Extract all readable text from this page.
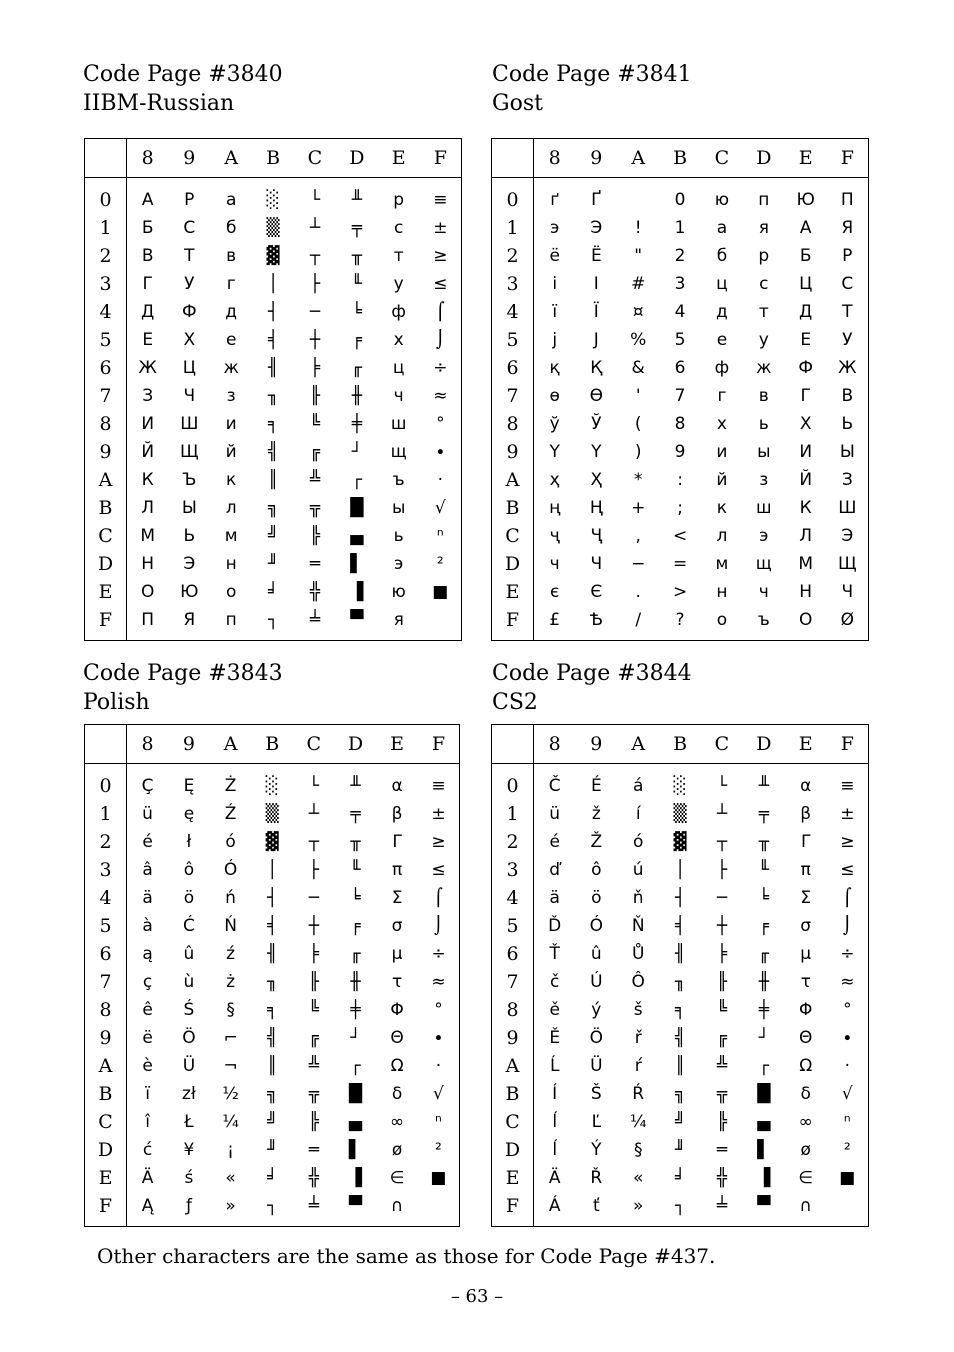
Code Page #3840
IIBM-Russian
Code Page #3841
Gost
Code Page #3843
Polish
Code Page #3844
CS2
	8	9	A	B	C	D	E	F
0	А	Р	а	░	└	╨	р	≡
1	Б	С	б	▒	┴	╤	с	±
2	В	Т	в	▓	┬	╥	т	≥
3	Г	У	г	│	├	╙	у	≤
4	Д	Ф	д	┤	─	╘	ф	⌠
5	Е	Х	е	╡	┼	╒	х	⌡
6	Ж	Ц	ж	╢	╞	╓	ц	÷
7	З	Ч	з	╖	╟	╫	ч	≈
8	И	Ш	и	╕	╚	╪	ш	°
9	Й	Щ	й	╣	╔	┘	щ	∙
A	К	Ъ	к	║	╩	┌	ъ	·
B	Л	Ы	л	╗	╦	█	ы	√
C	М	Ь	м	╝	╠	▄	ь	ⁿ
D	Н	Э	н	╜	═	▌	э	²
E	О	Ю	о	╛	╬	▐	ю	■
F	П	Я	п	┐	╧	▀	я	
	8	9	A	B	C	D	E	F
0	ґ	Ґ		0	ю	п	Ю	П
1	э	Э	!	1	а	я	А	Я
2	ё	Ё	"	2	б	р	Б	Р
3	і	І	#	3	ц	с	Ц	С
4	ї	Ї	¤	4	д	т	Д	Т
5	j	J	%	5	е	у	Е	У
6	қ	Қ	&	6	ф	ж	Ф	Ж
7	ө	Ө	'	7	г	в	Г	В
8	ў	Ў	(	8	х	ь	Х	Ь
9	Ү	Ү	)	9	и	ы	И	Ы
A	ҳ	Ҳ	*	:	й	з	Й	З
B	ң	Ң	+	;	к	ш	К	Ш
C	ҷ	Ҷ	,	<	л	э	Л	Э
D	ч	Ч	−	=	м	щ	М	Щ
E	є	Є	.	>	н	ч	Н	Ч
F	£	Ѣ	/	?	о	ъ	О	Ø
	8	9	A	B	C	D	E	F
0	Ç	Ę	Ż	░	└	╨	α	≡
1	ü	ę	Ź	▒	┴	╤	β	±
2	é	ł	ó	▓	┬	╥	Γ	≥
3	â	ô	Ó	│	├	╙	π	≤
4	ä	ö	ń	┤	─	╘	Σ	⌠
5	à	Ć	Ń	╡	┼	╒	σ	⌡
6	ą	û	ź	╢	╞	╓	µ	÷
7	ç	ù	ż	╖	╟	╫	τ	≈
8	ê	Ś	§	╕	╚	╪	Φ	°
9	ë	Ö	⌐	╣	╔	┘	Θ	∙
A	è	Ü	¬	║	╩	┌	Ω	·
B	ï	zł	½	╗	╦	█	δ	√
C	î	Ł	¼	╝	╠	▄	∞	ⁿ
D	ć	¥	¡	╜	═	▌	ø	²
E	Ä	ś	«	╛	╬	▐	∈	■
F	Ą	ƒ	»	┐	╧	▀	∩	
	8	9	A	B	C	D	E	F
0	Č	É	á	░	└	╨	α	≡
1	ü	ž	í	▒	┴	╤	β	±
2	é	Ž	ó	▓	┬	╥	Γ	≥
3	ď	ô	ú	│	├	╙	π	≤
4	ä	ö	ň	┤	─	╘	Σ	⌠
5	Ď	Ó	Ň	╡	┼	╒	σ	⌡
6	Ť	û	Ů	╢	╞	╓	µ	÷
7	č	Ú	Ô	╖	╟	╫	τ	≈
8	ě	ý	š	╕	╚	╪	Φ	°
9	Ě	Ö	ř	╣	╔	┘	Θ	∙
A	Ĺ	Ü	ŕ	║	╩	┌	Ω	·
B	Í	Š	Ŕ	╗	╦	█	δ	√
C	ĺ	Ľ	¼	╝	╠	▄	∞	ⁿ
D	ĺ	Ý	§	╜	═	▌	ø	²
E	Ä	Ř	«	╛	╬	▐	∈	■
F	Á	ť	»	┐	╧	▀	∩	
Other characters are the same as those for Code Page #437.
– 63 –
